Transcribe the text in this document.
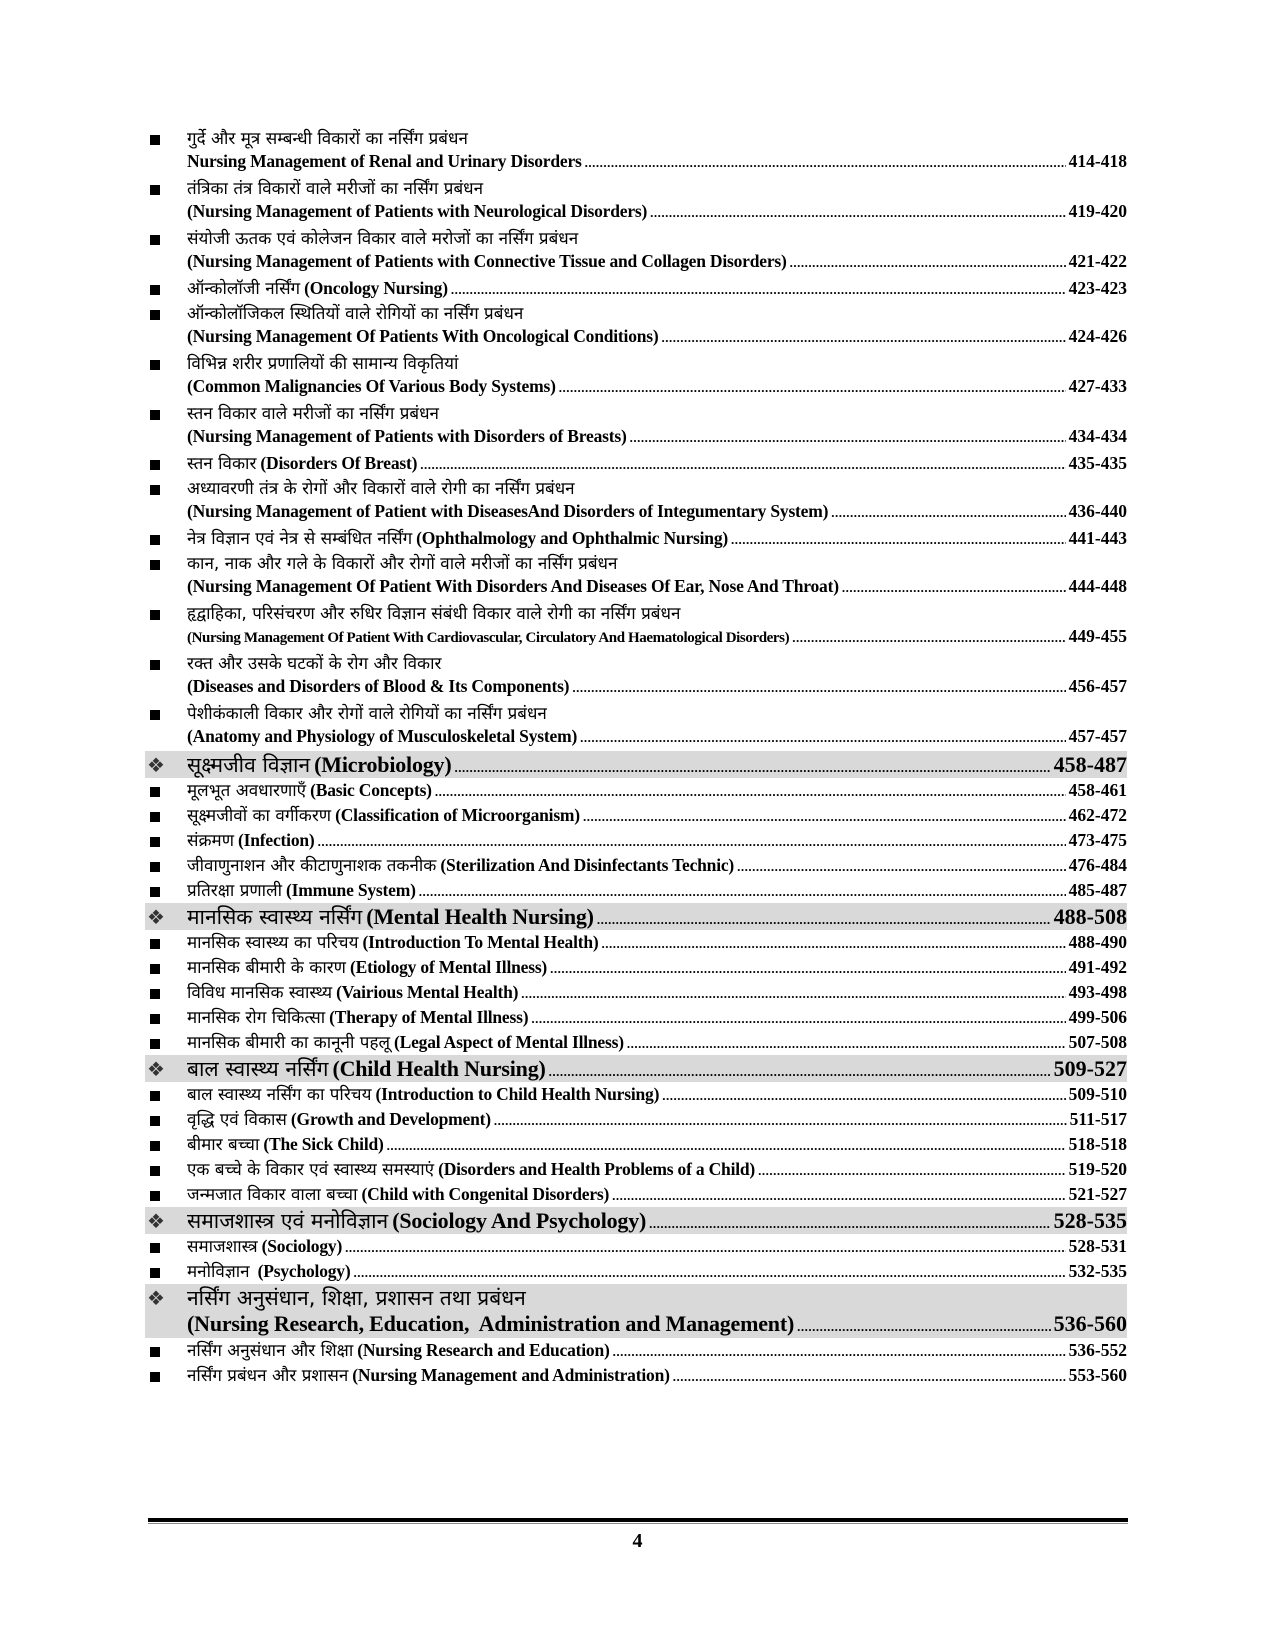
गुर्दे और मूत्र सम्बन्धी विकारों का नर्सिंग प्रबंधन
Nursing Management of Renal and Urinary Disorders .....	414-418
तंत्रिका तंत्र विकारों वाले मरीजों का नर्सिंग प्रबंधन
(Nursing Management of Patients with Neurological Disorders) .....	419-420
संयोजी ऊतक एवं कोलेजन विकार वाले मरोजों का नर्सिंग प्रबंधन
(Nursing Management of Patients with Connective Tissue and Collagen Disorders) .....	421-422
ऑन्कोलॉजी नर्सिंग
(Oncology Nursing) .....	423-423
ऑन्कोलॉजिकल स्थितियों वाले रोगियों का नर्सिंग प्रबंधन
(Nursing Management Of Patients With Oncological Conditions) .....	424-426
विभिन्न शरीर प्रणालियों की सामान्य विकृतियां
(Common Malignancies Of Various Body Systems) .....	427-433
स्तन विकार वाले मरीजों का नर्सिंग प्रबंधन
(Nursing Management of Patients with Disorders of Breasts) .....	434-434
स्तन विकार
(Disorders Of Breast) .....	435-435
अध्यावरणी तंत्र के रोगों और विकारों वाले रोगी का नर्सिंग प्रबंधन
(Nursing Management of Patient with DiseasesAnd Disorders of Integumentary System) .....	436-440
नेत्र विज्ञान एवं नेत्र से सम्बंधित नर्सिंग
(Ophthalmology and Ophthalmic Nursing) .....	441-443
कान, नाक और गले के विकारों और रोगों वाले मरीजों का नर्सिंग प्रबंधन
(Nursing Management Of Patient With Disorders And Diseases Of Ear, Nose And Throat) .....	444-448
हृद्वाहिका, परिसंचरण और रुधिर विज्ञान संबंधी विकार वाले रोगी का नर्सिंग प्रबंधन
(Nursing Management Of Patient With Cardiovascular, Circulatory And Haematological Disorders) .....	449-455
रक्त और उसके घटकों के रोग और विकार
(Diseases and Disorders of Blood & Its Components) .....	456-457
पेशीकंकाली विकार और रोगों वाले रोगियों का नर्सिंग प्रबंधन
(Anatomy and Physiology of Musculoskeletal System) .....	457-457
❖	सूक्ष्मजीव विज्ञान
(Microbiology) .....	458-487
मूलभूत अवधारणाएँ
(Basic Concepts) .....	458-461
सूक्ष्मजीवों का वर्गीकरण
(Classification of Microorganism) .....	462-472
संक्रमण
(Infection) .....	473-475
जीवाणुनाशन और कीटाणुनाशक तकनीक
(Sterilization And Disinfectants Technic) .....	476-484
प्रतिरक्षा प्रणाली
(Immune System) .....	485-487
❖	मानसिक स्वास्थ्य नर्सिंग
(Mental Health Nursing) .....	488-508
मानसिक स्वास्थ्य का परिचय
(Introduction To Mental Health) .....	488-490
मानसिक बीमारी के कारण
(Etiology of Mental Illness) .....	491-492
विविध मानसिक स्वास्थ्य
(Vairious Mental Health) .....	493-498
मानसिक रोग चिकित्सा
(Therapy of Mental Illness) .....	499-506
मानसिक बीमारी का कानूनी पहलू
(Legal Aspect of Mental Illness) .....	507-508
❖	बाल स्वास्थ्य नर्सिंग
(Child Health Nursing) .....	509-527
बाल स्वास्थ्य नर्सिंग का परिचय
(Introduction to Child Health Nursing) .....	509-510
वृद्धि एवं विकास
(Growth and Development) .....	511-517
बीमार बच्चा
(The Sick Child) .....	518-518
एक बच्चे के विकार एवं स्वास्थ्य समस्याएं
(Disorders and Health Problems of a Child) .....	519-520
जन्मजात विकार वाला बच्चा
(Child with Congenital Disorders) .....	521-527
❖	समाजशास्त्र एवं मनोविज्ञान
(Sociology And Psychology) .....	528-535
समाजशास्त्र
(Sociology) .....	528-531
मनोविज्ञान
(Psychology) .....	532-535
❖	नर्सिंग अनुसंधान, शिक्षा, प्रशासन तथा प्रबंधन
(Nursing Research, Education,  Administration and Management) .....	536-560
नर्सिंग अनुसंधान और शिक्षा
(Nursing Research and Education) .....	536-552
नर्सिंग प्रबंधन और प्रशासन
(Nursing Management and Administration) .....	553-560
4
